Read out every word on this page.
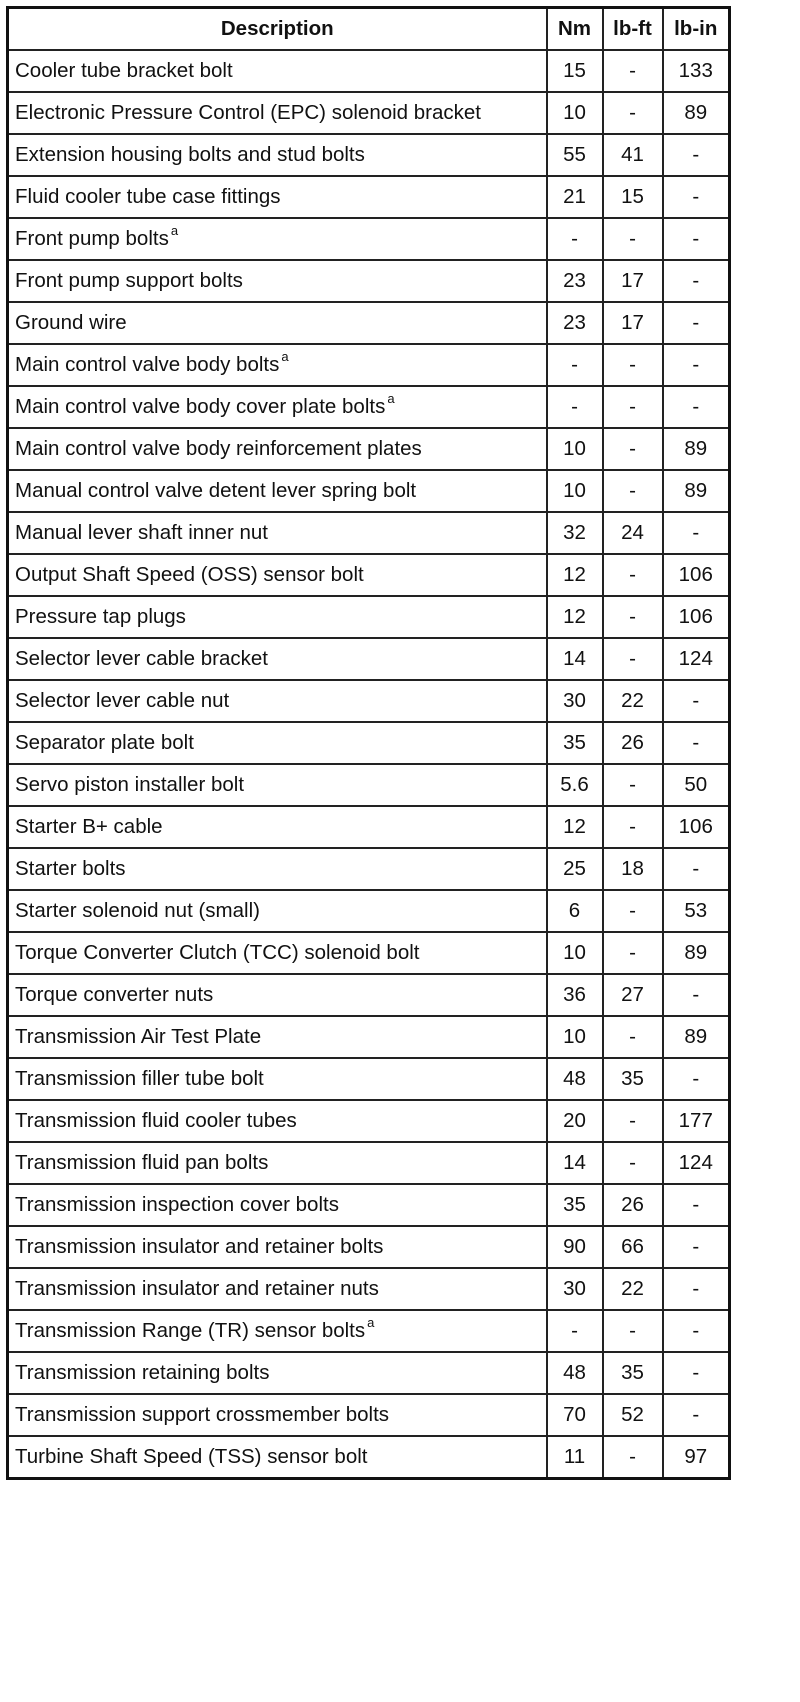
Description	Nm	lb-ft	lb-in
Cooler tube bracket bolt	15	-	133
Electronic Pressure Control (EPC) solenoid bracket	10	-	89
Extension housing bolts and stud bolts	55	41	-
Fluid cooler tube case fittings	21	15	-
Front pump bolts $^a$	-	-	-
Front pump support bolts	23	17	-
Ground wire	23	17	-
Main control valve body bolts $^a$	-	-	-
Main control valve body cover plate bolts $^a$	-	-	-
Main control valve body reinforcement plates	10	-	89
Manual control valve detent lever spring bolt	10	-	89
Manual lever shaft inner nut	32	24	-
Output Shaft Speed (OSS) sensor bolt	12	-	106
Pressure tap plugs	12	-	106
Selector lever cable bracket	14	-	124
Selector lever cable nut	30	22	-
Separator plate bolt	35	26	-
Servo piston installer bolt	5.6	-	50
Starter B+ cable	12	-	106
Starter bolts	25	18	-
Starter solenoid nut (small)	6	-	53
Torque Converter Clutch (TCC) solenoid bolt	10	-	89
Torque converter nuts	36	27	-
Transmission Air Test Plate	10	-	89
Transmission filler tube bolt	48	35	-
Transmission fluid cooler tubes	20	-	177
Transmission fluid pan bolts	14	-	124
Transmission inspection cover bolts	35	26	-
Transmission insulator and retainer bolts	90	66	-
Transmission insulator and retainer nuts	30	22	-
Transmission Range (TR) sensor bolts $^a$	-	-	-
Transmission retaining bolts	48	35	-
Transmission support crossmember bolts	70	52	-
Turbine Shaft Speed (TSS) sensor bolt	11	-	97
